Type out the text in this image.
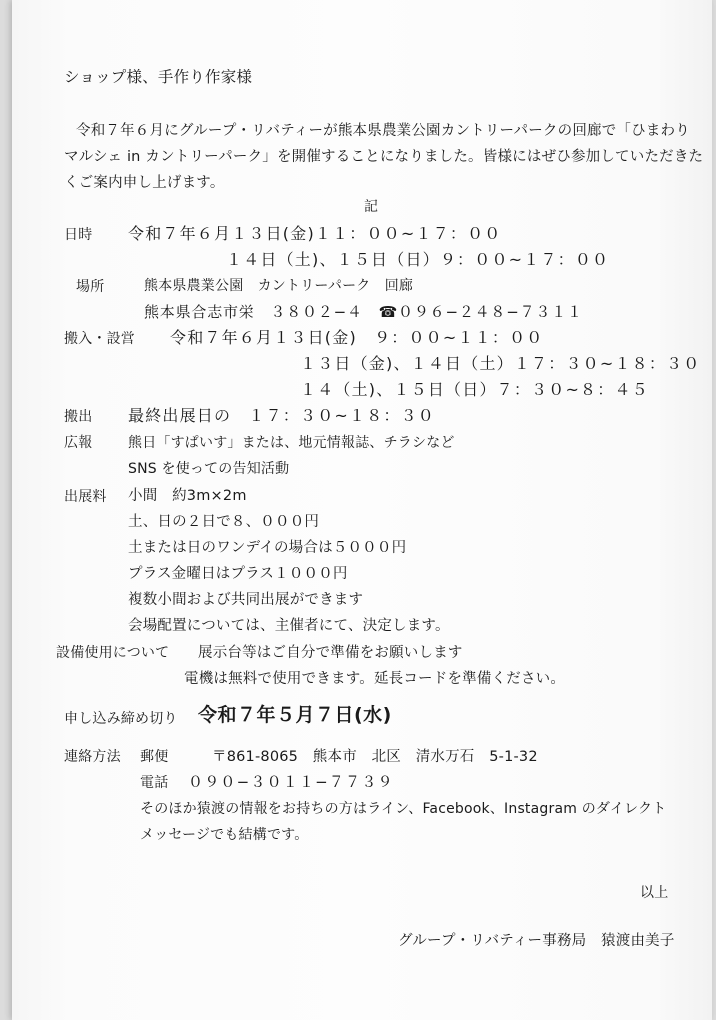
ショップ様、手作り作家様
令和７年６月にグループ・リバティーが熊本県農業公園カントリーパークの回廊で「ひまわり
マルシェ in カントリーパーク」を開催することになりました。皆様にはぜひ参加していただきた
くご案内申し上げます。
記
日時 令和７年６月１３日(金)１１：００~１７：００
１４日（土)、１５日（日）９：００~１７：００
場所	熊本県農業公園　カントリーパーク　回廊
熊本県合志市栄　３８０２−４　☎０９６−２４８−７３１１
搬入・設営 令和７年６月１３日(金)　９：００~１１：００
１３日（金)、１４日（土）１７：３０~１８：３０
１４（土)、１５日（日）７：３０~８：４５
搬出 最終出展日の　１７：３０~１８：３０
広報	熊日「すぱいす」または、地元情報誌、チラシなど
SNS を使っての告知活動
出展料 小間　約3m×2m
土、日の２日で８、０００円
土または日のワンデイの場合は５０００円
プラス金曜日はプラス１０００円
複数小間および共同出展ができます
会場配置については、主催者にて、決定します。
設備使用について 展示台等はご自分で準備をお願いします
電機は無料で使用できます。延長コードを準備ください。
申し込み締め切り 令和７年５月７日(水)
連絡方法 郵便	〒861-8065　熊本市　北区　清水万石　5-1-32
電話 ０９０−３０１１−７７３９
そのほか猿渡の情報をお持ちの方はライン、Facebook、Instagram のダイレクト
メッセージでも結構です。
以上
グループ・リバティー事務局　猿渡由美子
